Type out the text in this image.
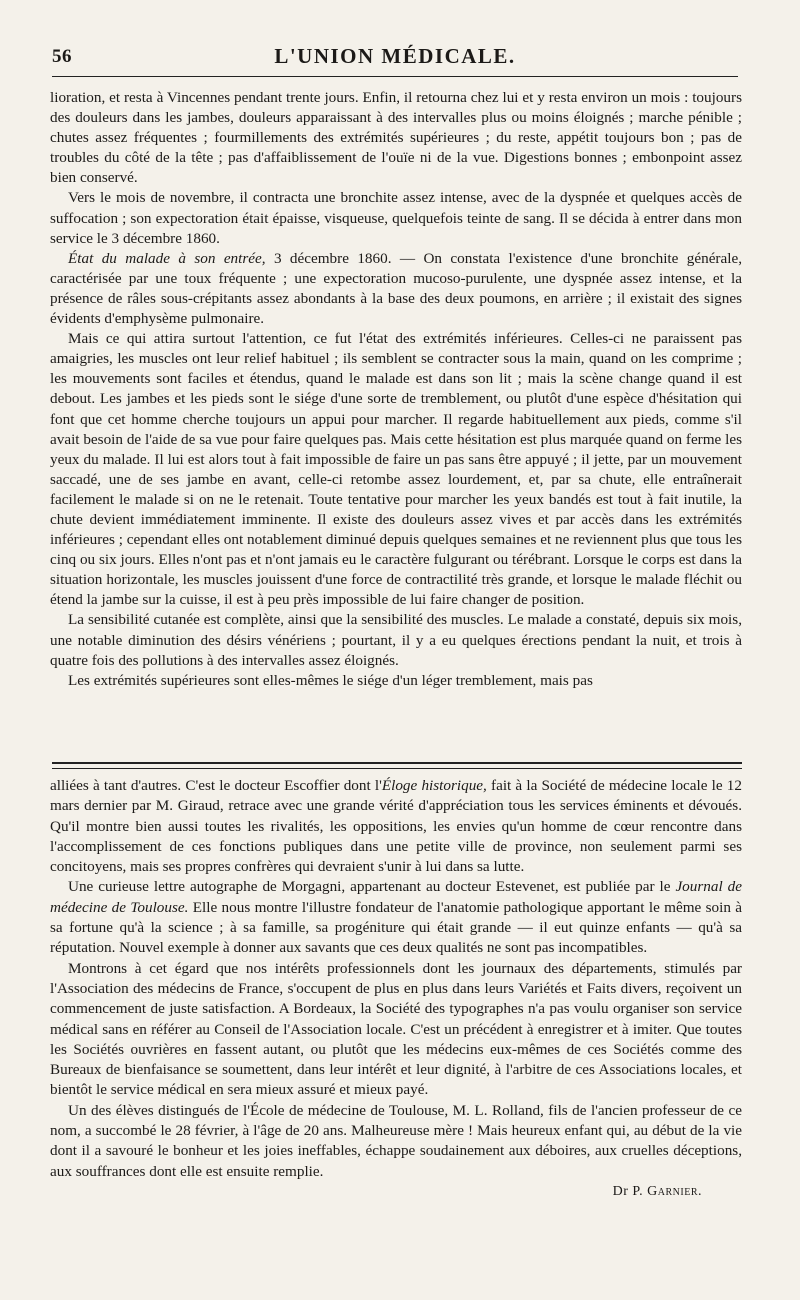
56	L'UNION MÉDICALE.

lioration, et resta à Vincennes pendant trente jours. Enfin, il retourna chez lui et y resta environ un mois : toujours des douleurs dans les jambes, douleurs apparaissant à des intervalles plus ou moins éloignés ; marche pénible ; chutes assez fréquentes ; fourmillements des extrémités supérieures ; du reste, appétit toujours bon ; pas de troubles du côté de la tête ; pas d'affaiblissement de l'ouïe ni de la vue. Digestions bonnes ; embonpoint assez bien conservé.

Vers le mois de novembre, il contracta une bronchite assez intense, avec de la dyspnée et quelques accès de suffocation ; son expectoration était épaisse, visqueuse, quelquefois teinte de sang. Il se décida à entrer dans mon service le 3 décembre 1860.

État du malade à son entrée, 3 décembre 1860. — On constata l'existence d'une bronchite générale, caractérisée par une toux fréquente ; une expectoration mucoso-purulente, une dyspnée assez intense, et la présence de râles sous-crépitants assez abondants à la base des deux poumons, en arrière ; il existait des signes évidents d'emphysème pulmonaire.

Mais ce qui attira surtout l'attention, ce fut l'état des extrémités inférieures. Celles-ci ne paraissent pas amaigries, les muscles ont leur relief habituel ; ils semblent se contracter sous la main, quand on les comprime ; les mouvements sont faciles et étendus, quand le malade est dans son lit ; mais la scène change quand il est debout. Les jambes et les pieds sont le siége d'une sorte de tremblement, ou plutôt d'une espèce d'hésitation qui font que cet homme cherche toujours un appui pour marcher. Il regarde habituellement aux pieds, comme s'il avait besoin de l'aide de sa vue pour faire quelques pas. Mais cette hésitation est plus marquée quand on ferme les yeux du malade. Il lui est alors tout à fait impossible de faire un pas sans être appuyé ; il jette, par un mouvement saccadé, une de ses jambe en avant, celle-ci retombe assez lourdement, et, par sa chute, elle entraînerait facilement le malade si on ne le retenait. Toute tentative pour marcher les yeux bandés est tout à fait inutile, la chute devient immédiatement imminente. Il existe des douleurs assez vives et par accès dans les extrémités inférieures ; cependant elles ont notablement diminué depuis quelques semaines et ne reviennent plus que tous les cinq ou six jours. Elles n'ont pas et n'ont jamais eu le caractère fulgurant ou térébrant. Lorsque le corps est dans la situation horizontale, les muscles jouissent d'une force de contractilité très grande, et lorsque le malade fléchit ou étend la jambe sur la cuisse, il est à peu près impossible de lui faire changer de position.

La sensibilité cutanée est complète, ainsi que la sensibilité des muscles. Le malade a constaté, depuis six mois, une notable diminution des désirs vénériens ; pourtant, il y a eu quelques érections pendant la nuit, et trois à quatre fois des pollutions à des intervalles assez éloignés.

Les extrémités supérieures sont elles-mêmes le siége d'un léger tremblement, mais pas

alliées à tant d'autres. C'est le docteur Escoffier dont l'Éloge historique, fait à la Société de médecine locale le 12 mars dernier par M. Giraud, retrace avec une grande vérité d'appréciation tous les services éminents et dévoués. Qu'il montre bien aussi toutes les rivalités, les oppositions, les envies qu'un homme de cœur rencontre dans l'accomplissement de ces fonctions publiques dans une petite ville de province, non seulement parmi ses concitoyens, mais ses propres confrères qui devraient s'unir à lui dans sa lutte.

Une curieuse lettre autographe de Morgagni, appartenant au docteur Estevenet, est publiée par le Journal de médecine de Toulouse. Elle nous montre l'illustre fondateur de l'anatomie pathologique apportant le même soin à sa fortune qu'à la science ; à sa famille, sa progéniture qui était grande — il eut quinze enfants — qu'à sa réputation. Nouvel exemple à donner aux savants que ces deux qualités ne sont pas incompatibles.

Montrons à cet égard que nos intérêts professionnels dont les journaux des départements, stimulés par l'Association des médecins de France, s'occupent de plus en plus dans leurs Variétés et Faits divers, reçoivent un commencement de juste satisfaction. A Bordeaux, la Société des typographes n'a pas voulu organiser son service médical sans en référer au Conseil de l'Association locale. C'est un précédent à enregistrer et à imiter. Que toutes les Sociétés ouvrières en fassent autant, ou plutôt que les médecins eux-mêmes de ces Sociétés comme des Bureaux de bienfaisance se soumettent, dans leur intérêt et leur dignité, à l'arbitre de ces Associations locales, et bientôt le service médical en sera mieux assuré et mieux payé.

Un des élèves distingués de l'École de médecine de Toulouse, M. L. Rolland, fils de l'ancien professeur de ce nom, a succombé le 28 février, à l'âge de 20 ans. Malheureuse mère ! Mais heureux enfant qui, au début de la vie dont il a savouré le bonheur et les joies ineffables, échappe soudainement aux déboires, aux cruelles déceptions, aux souffrances dont elle est ensuite remplie.

Dr P. Garnier.
